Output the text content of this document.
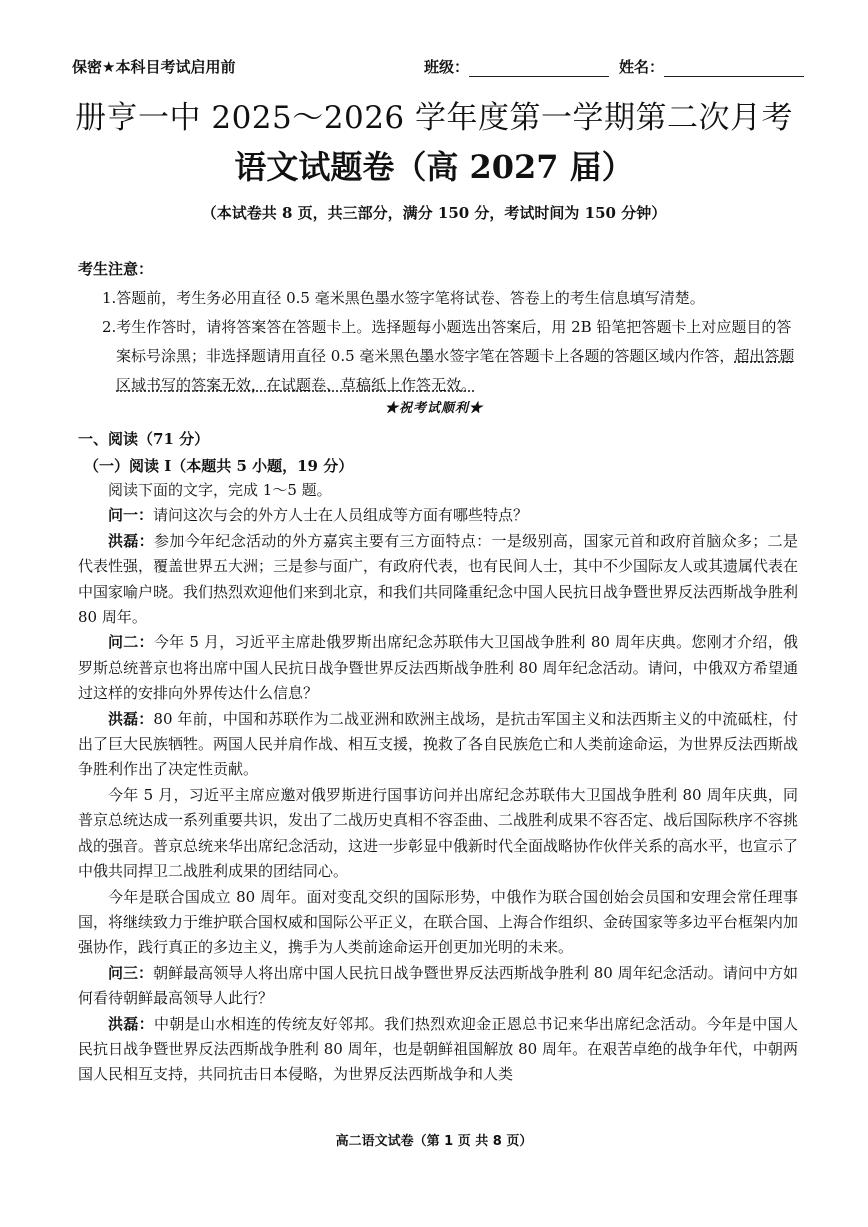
保密★本科目考试启用前	班级：	姓名：
册亨一中 2025～2026 学年度第一学期第二次月考
语文试题卷（高 2027 届）
（本试卷共 8 页，共三部分，满分 150 分，考试时间为 150 分钟）
考生注意：
1.答题前，考生务必用直径 0.5 毫米黑色墨水签字笔将试卷、答卷上的考生信息填写清楚。
2.考生作答时，请将答案答在答题卡上。选择题每小题选出答案后，用 2B 铅笔把答题卡上对应题目的答案标号涂黑；非选择题请用直径 0.5 毫米黑色墨水签字笔在答题卡上各题的答题区域内作答，超出答题区域书写的答案无效，在试题卷、草稿纸上作答无效。
★祝考试顺利★
一、阅读（71 分）
（一）阅读 I（本题共 5 小题，19 分）

阅读下面的文字，完成 1～5 题。

问一：请问这次与会的外方人士在人员组成等方面有哪些特点？

洪磊：参加今年纪念活动的外方嘉宾主要有三方面特点：一是级别高，国家元首和政府首脑众多；二是代表性强，覆盖世界五大洲；三是参与面广，有政府代表，也有民间人士，其中不少国际友人或其遗属代表在中国家喻户晓。我们热烈欢迎他们来到北京，和我们共同隆重纪念中国人民抗日战争暨世界反法西斯战争胜利 80 周年。

问二：今年 5 月，习近平主席赴俄罗斯出席纪念苏联伟大卫国战争胜利 80 周年庆典。您刚才介绍，俄罗斯总统普京也将出席中国人民抗日战争暨世界反法西斯战争胜利 80 周年纪念活动。请问，中俄双方希望通过这样的安排向外界传达什么信息？

洪磊：80 年前，中国和苏联作为二战亚洲和欧洲主战场，是抗击军国主义和法西斯主义的中流砥柱，付出了巨大民族牺牲。两国人民并肩作战、相互支援，挽救了各自民族危亡和人类前途命运，为世界反法西斯战争胜利作出了决定性贡献。

今年 5 月，习近平主席应邀对俄罗斯进行国事访问并出席纪念苏联伟大卫国战争胜利 80 周年庆典，同普京总统达成一系列重要共识，发出了二战历史真相不容歪曲、二战胜利成果不容否定、战后国际秩序不容挑战的强音。普京总统来华出席纪念活动，这进一步彰显中俄新时代全面战略协作伙伴关系的高水平，也宣示了中俄共同捍卫二战胜利成果的团结同心。

今年是联合国成立 80 周年。面对变乱交织的国际形势，中俄作为联合国创始会员国和安理会常任理事国，将继续致力于维护联合国权威和国际公平正义，在联合国、上海合作组织、金砖国家等多边平台框架内加强协作，践行真正的多边主义，携手为人类前途命运开创更加光明的未来。

问三：朝鲜最高领导人将出席中国人民抗日战争暨世界反法西斯战争胜利 80 周年纪念活动。请问中方如何看待朝鲜最高领导人此行？

洪磊：中朝是山水相连的传统友好邻邦。我们热烈欢迎金正恩总书记来华出席纪念活动。今年是中国人民抗日战争暨世界反法西斯战争胜利 80 周年，也是朝鲜祖国解放 80 周年。在艰苦卓绝的战争年代，中朝两国人民相互支持，共同抗击日本侵略，为世界反法西斯战争和人类

高二语文试卷（第 1 页 共 8 页）
